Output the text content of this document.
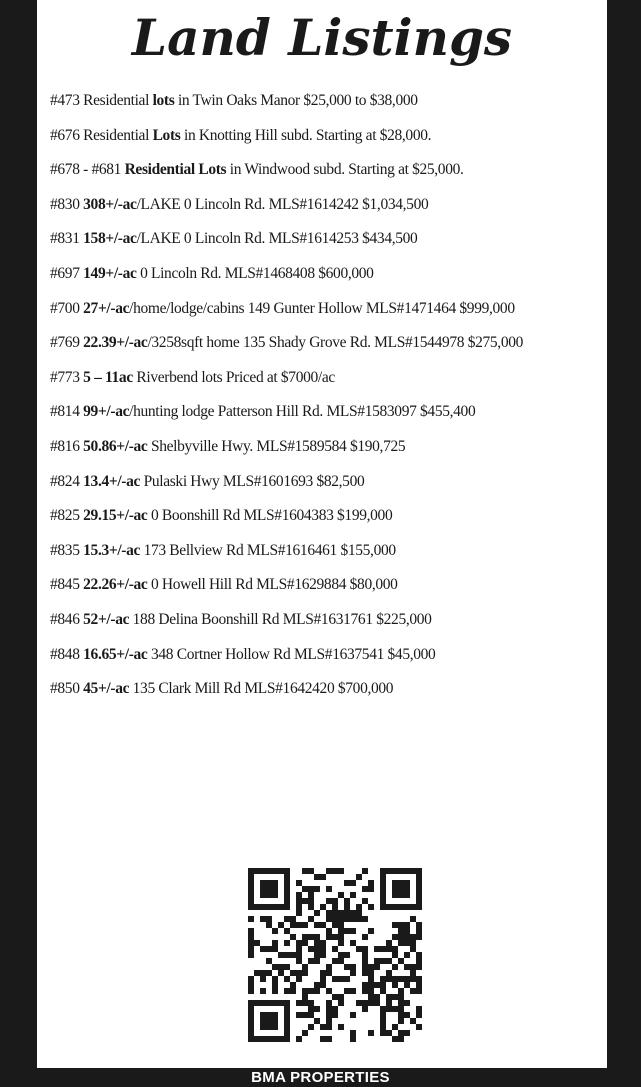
Land Listings
#473 Residential lots in Twin Oaks Manor $25,000 to $38,000
#676 Residential Lots in Knotting Hill subd. Starting at $28,000.
#678 - #681 Residential Lots in Windwood subd. Starting at $25,000.
#830 308+/-ac/LAKE 0 Lincoln Rd. MLS#1614242 $1,034,500
#831 158+/-ac/LAKE 0 Lincoln Rd. MLS#1614253 $434,500
#697 149+/-ac 0 Lincoln Rd. MLS#1468408 $600,000
#700 27+/-ac/home/lodge/cabins 149 Gunter Hollow MLS#1471464 $999,000
#769 22.39+/-ac/3258sqft home 135 Shady Grove Rd. MLS#1544978 $275,000
#773 5 – 11ac Riverbend lots Priced at $7000/ac
#814 99+/-ac/hunting lodge Patterson Hill Rd. MLS#1583097 $455,400
#816 50.86+/-ac Shelbyville Hwy. MLS#1589584 $190,725
#824 13.4+/-ac Pulaski Hwy MLS#1601693 $82,500
#825 29.15+/-ac 0 Boonshill Rd MLS#1604383 $199,000
#835 15.3+/-ac 173 Bellview Rd MLS#1616461 $155,000
#845 22.26+/-ac 0 Howell Hill Rd MLS#1629884 $80,000
#846 52+/-ac 188 Delina Boonshill Rd MLS#1631761 $225,000
#848 16.65+/-ac 348 Cortner Hollow Rd MLS#1637541 $45,000
#850 45+/-ac 135 Clark Mill Rd MLS#1642420 $700,000
BMA PROPERTIES
